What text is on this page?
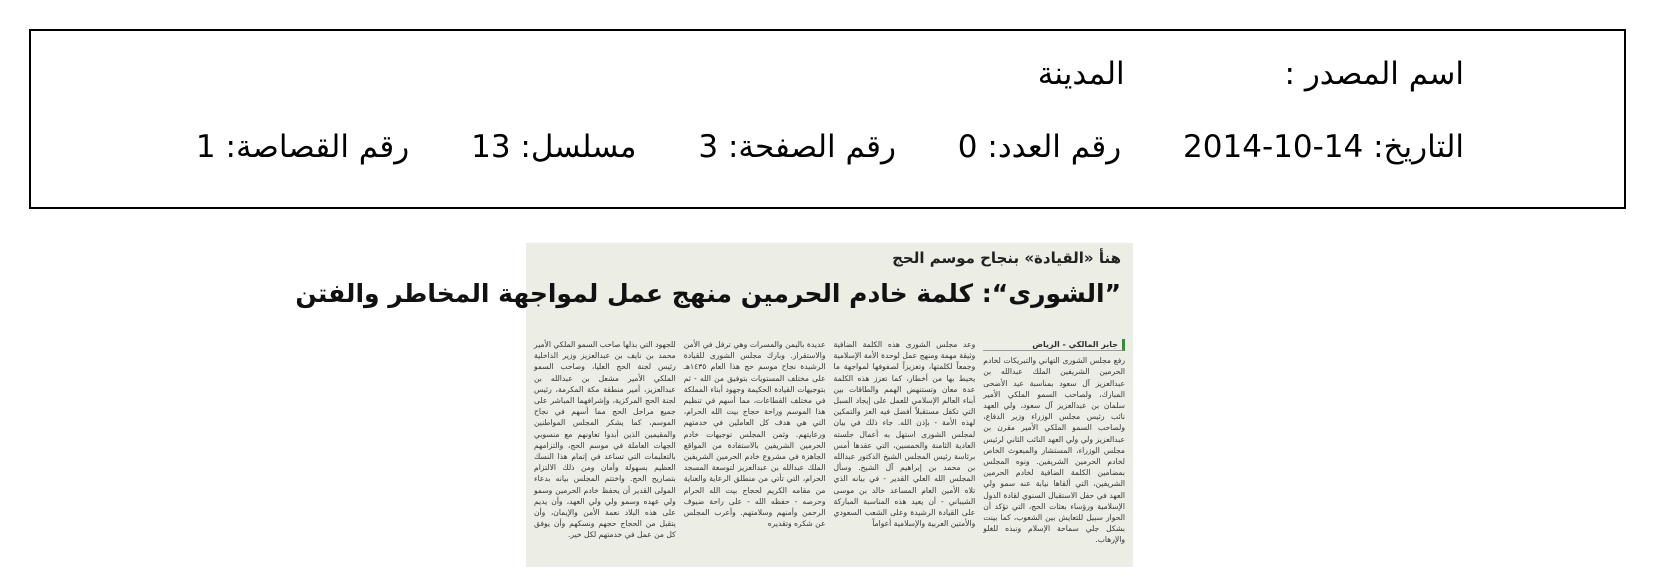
اسم المصدر : المدينة
التاريخ: 14-10-2014 رقم العدد: 0 رقم الصفحة: 3 مسلسل: 13 رقم القصاصة: 1
هنأ «القيادة» بنجاح موسم الحج
”الشورى“: كلمة خادم الحرمين منهج عمل لمواجهة المخاطر والفتن
جابر المالكي - الرياض
رفع مجلس الشورى التهاني والتبريكات لخادم الحرمين الشريفين الملك عبدالله بن عبدالعزيز آل سعود بمناسبة عيد الأضحى المبارك، ولصاحب السمو الملكي الأمير سلمان بن عبدالعزيز آل سعود، ولي العهد نائب رئيس مجلس الوزراء وزير الدفاع، ولصاحب السمو الملكي الأمير مقرن بن عبدالعزيز ولي ولي العهد النائب الثاني لرئيس مجلس الوزراء، المستشار والمبعوث الخاص لخادم الحرمين الشريفين. ونوه المجلس بمضامين الكلمة الضافية لخادم الحرمين الشريفين، التي ألقاها نيابة عنه سمو ولي العهد في حفل الاستقبال السنوي لقادة الدول الإسلامية ورؤساء بعثات الحج، التي تؤكد أن الحوار سبيل للتعايش بين الشعوب، كما بينت بشكل جلي سماحة الإسلام ونبذه للغلو والإرهاب.
وعد مجلس الشورى هذه الكلمة الضافية وثيقة مهمة ومنهج عمل لوحدة الأمة الإسلامية وجمعاً لكلمتها، وتعزيزاً لصفوفها لمواجهة ما يحيط بها من أخطار، كما تعزز هذه الكلمة عدة معان وتستنهض الهمم والطاقات بين أبناء العالم الإسلامي للعمل على إيجاد السبل التي تكفل مستقبلاً أفضل فيه العز والتمكين لهذه الأمة - بإذن الله. جاء ذلك في بيان لمجلس الشورى استهل به أعمال جلسته العادية الثامنة والخمسين، التي عقدها أمس برئاسة رئيس المجلس الشيخ الدكتور عبدالله بن محمد بن إبراهيم آل الشيخ. وسأل المجلس الله العلي القدير - في بيانه الذي تلاه الأمين العام المساعد خالد بن موسى الشيباني - أن يعيد هذه المناسبة المباركة على القيادة الرشيدة وعلى الشعب السعودي والأمتين العربية والإسلامية أعواماً
عديدة باليمن والمسرات وهي ترفل في الأمن والاستقرار. وبارك مجلس الشورى للقيادة الرشيدة نجاح موسم حج هذا العام ١٤٣٥هـ على مختلف المستويات بتوفيق من الله - ثم بتوجيهات القيادة الحكيمة وجهود أبناء المملكة في مختلف القطاعات، مما أسهم في تنظيم هذا الموسم وراحة حجاج بيت الله الحرام، التي هي هدف كل العاملين في خدمتهم ورعايتهم. وثمن المجلس توجيهات خادم الحرمين الشريفين بالاستفادة من المواقع الجاهزة في مشروع خادم الحرمين الشريفين الملك عبدالله بن عبدالعزيز لتوسعة المسجد الحرام، التي تأتي من منطلق الرعاية والعناية من مقامه الكريم لحجاج بيت الله الحرام وحرصه - حفظه الله - على راحة ضيوف الرحمن وأمنهم وسلامتهم. وأعرب المجلس عن شكره وتقديره
للجهود التي بذلها صاحب السمو الملكي الأمير محمد بن نايف بن عبدالعزيز وزير الداخلية رئيس لجنة الحج العليا، وصاحب السمو الملكي الأمير مشعل بن عبدالله بن عبدالعزيز، أمير منطقة مكة المكرمة، رئيس لجنة الحج المركزية، وإشرافهما المباشر على جميع مراحل الحج مما أسهم في نجاح الموسم، كما يشكر المجلس المواطنين والمقيمين الذين أبدوا تعاونهم مع منسوبي الجهات العاملة في موسم الحج، والتزامهم بالتعليمات التي تساعد في إتمام هذا النسك العظيم بسهولة وأمان ومن ذلك الالتزام بتصاريح الحج. واختتم المجلس بيانه بدعاء المولى القدير أن يحفظ خادم الحرمين وسمو ولي عهده وسمو ولي ولي العهد، وأن يديم على هذه البلاد نعمة الأمن والإيمان، وأن يتقبل من الحجاج حجهم ونسكهم وأن يوفق كل من عمل في خدمتهم لكل خير.
